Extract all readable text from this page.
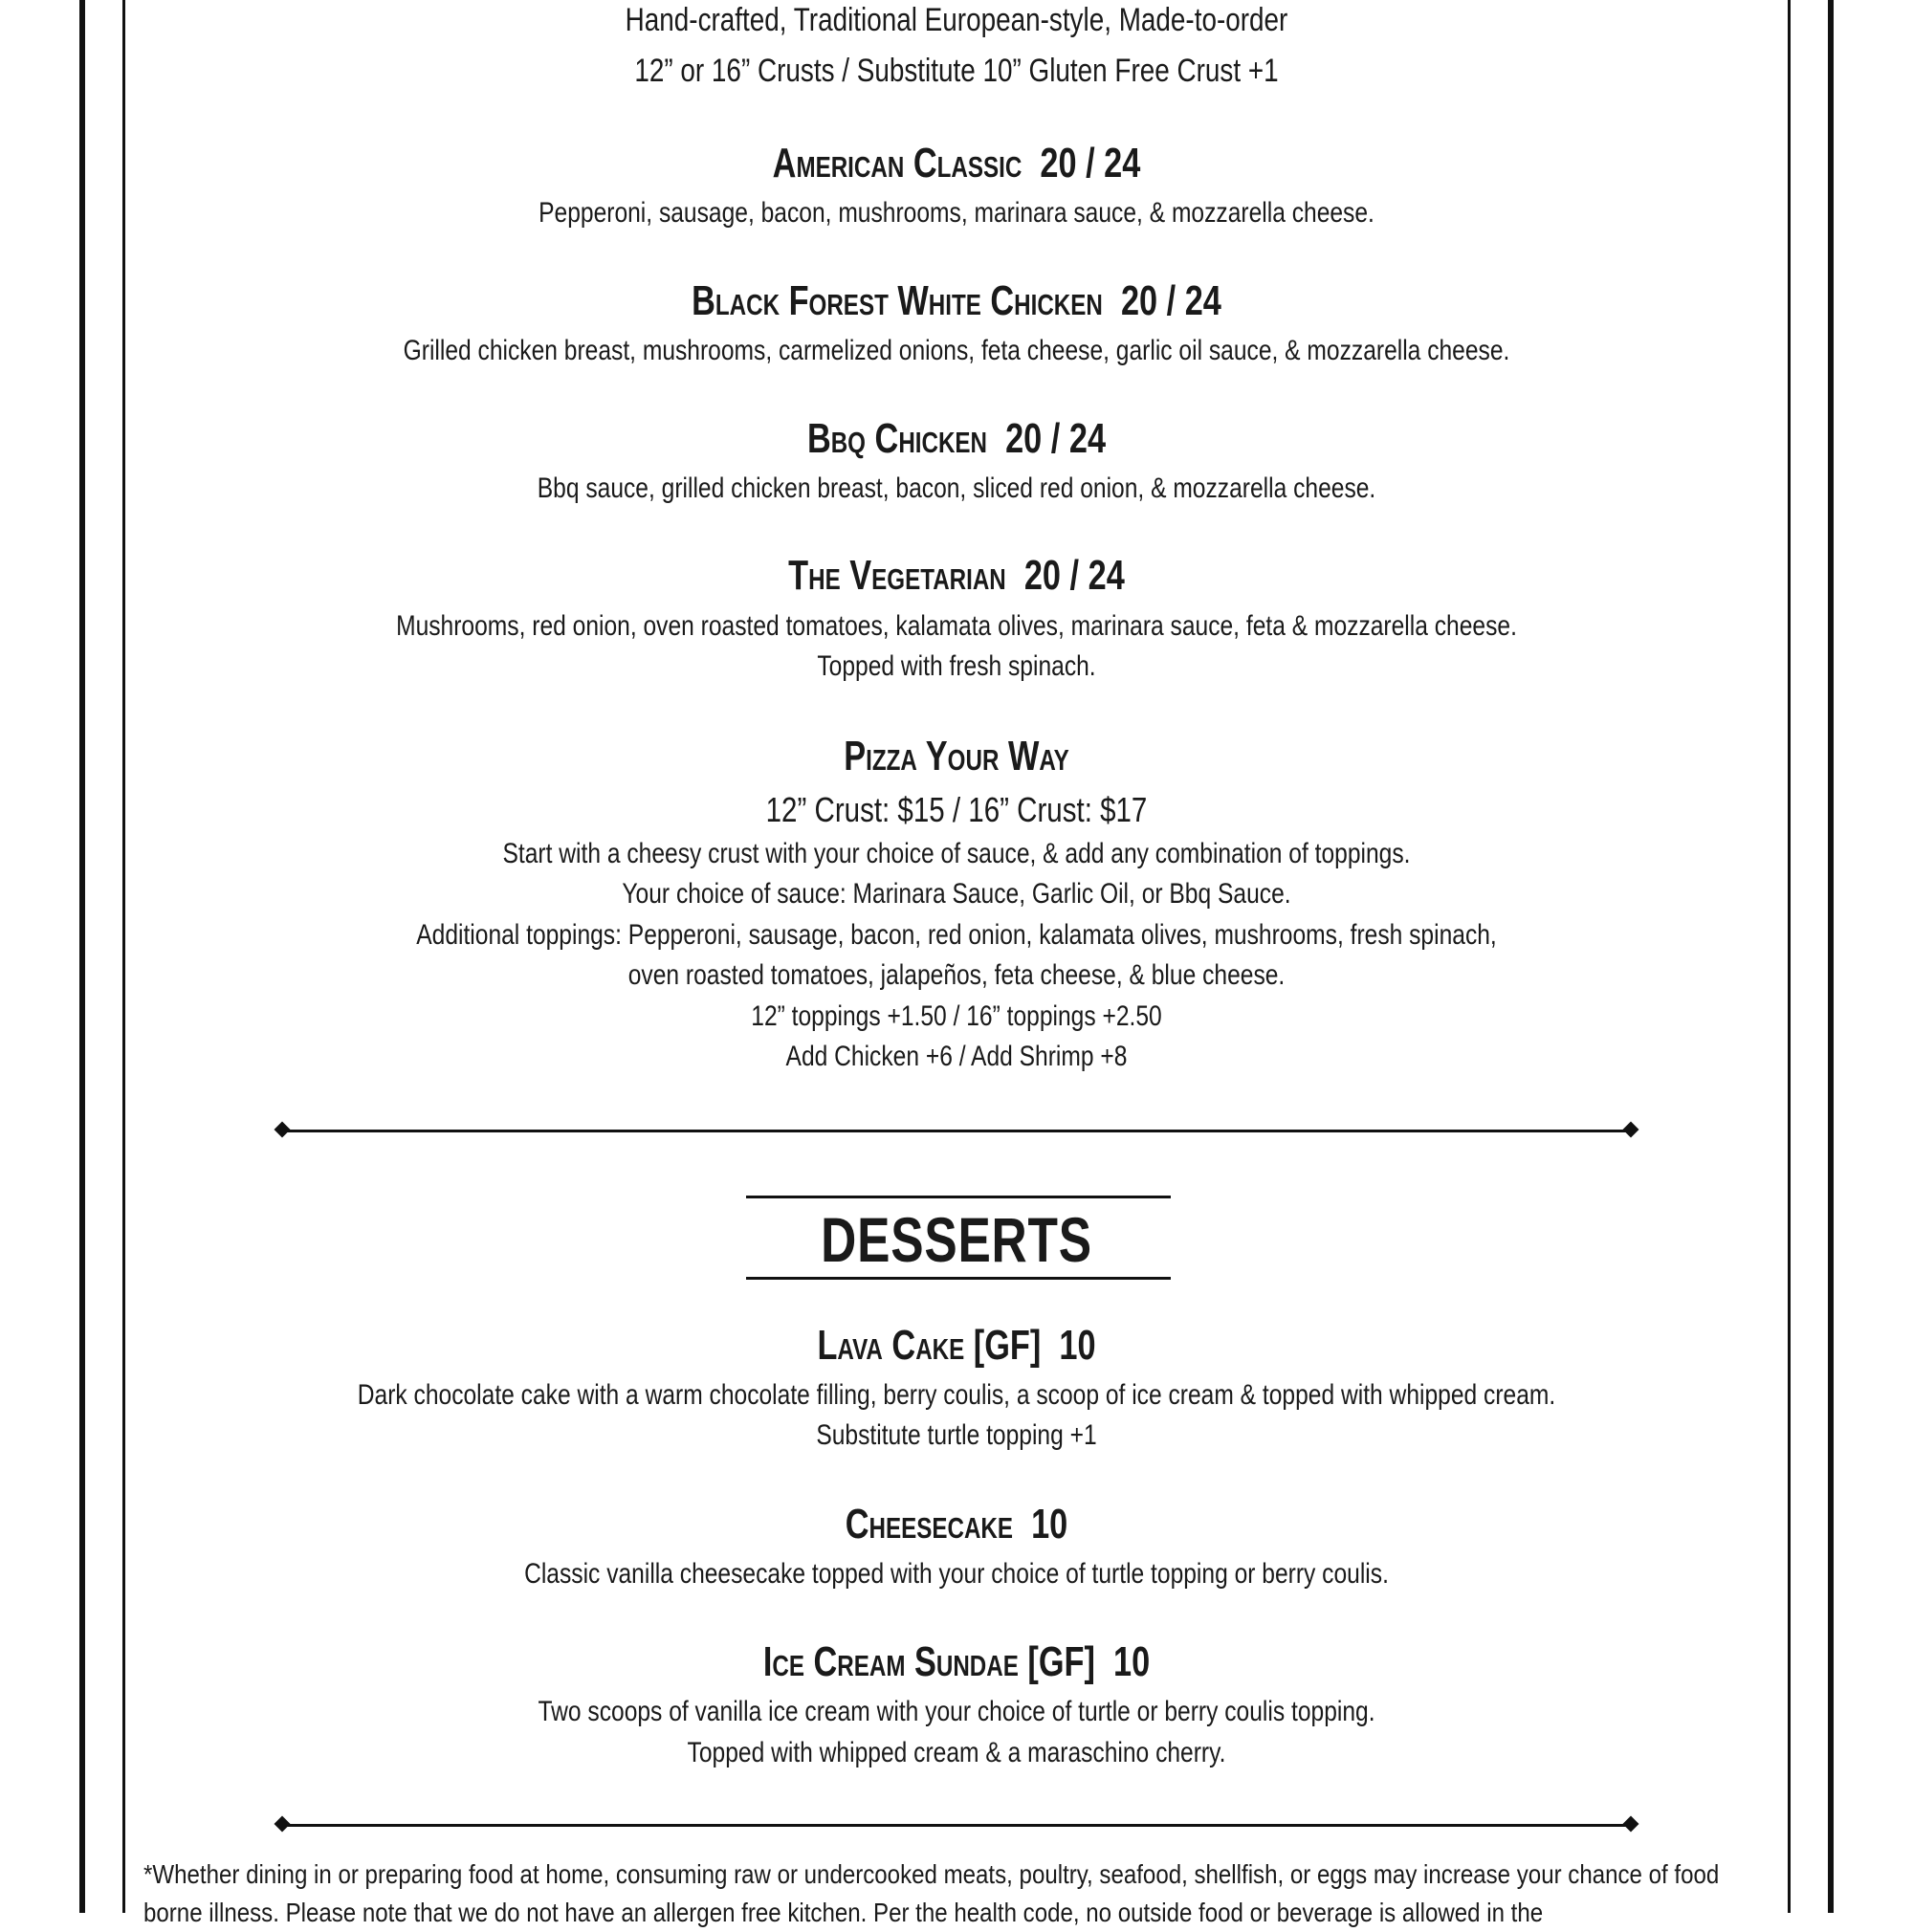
Hand-crafted, Traditional European-style, Made-to-order
12” or 16” Crusts / Substitute 10” Gluten Free Crust +1
American Classic 20 / 24
Pepperoni, sausage, bacon, mushrooms, marinara sauce, & mozzarella cheese.
Black Forest White Chicken 20 / 24
Grilled chicken breast, mushrooms, carmelized onions, feta cheese, garlic oil sauce, & mozzarella cheese.
Bbq Chicken 20 / 24
Bbq sauce, grilled chicken breast, bacon, sliced red onion, & mozzarella cheese.
The Vegetarian 20 / 24
Mushrooms, red onion, oven roasted tomatoes, kalamata olives, marinara sauce, feta & mozzarella cheese.
Topped with fresh spinach.
Pizza Your Way
12” Crust: $15 / 16” Crust: $17
Start with a cheesy crust with your choice of sauce, & add any combination of toppings.
Your choice of sauce: Marinara Sauce, Garlic Oil, or Bbq Sauce.
Additional toppings: Pepperoni, sausage, bacon, red onion, kalamata olives, mushrooms, fresh spinach,
oven roasted tomatoes, jalapeños, feta cheese, & blue cheese.
12” toppings +1.50 / 16” toppings +2.50
Add Chicken +6 / Add Shrimp +8
DESSERTS
Lava Cake [GF] 10
Dark chocolate cake with a warm chocolate filling, berry coulis, a scoop of ice cream & topped with whipped cream.
Substitute turtle topping +1
Cheesecake 10
Classic vanilla cheesecake topped with your choice of turtle topping or berry coulis.
Ice Cream Sundae [GF] 10
Two scoops of vanilla ice cream with your choice of turtle or berry coulis topping.
Topped with whipped cream & a maraschino cherry.
*Whether dining in or preparing food at home, consuming raw or undercooked meats, poultry, seafood, shellfish, or eggs may increase your chance of food borne illness. Please note that we do not have an allergen free kitchen. Per the health code, no outside food or beverage is allowed in the
